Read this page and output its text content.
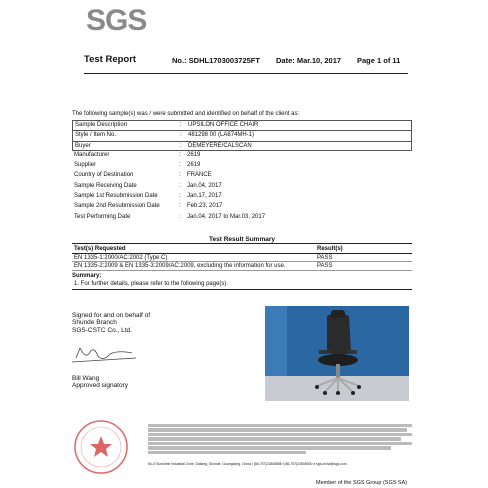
SGS
Test Report	No.: SDHL1703003725FT Date: Mar.10, 2017 Page 1 of 11
The following sample(s) was / were submitted and identified on behalf of the client as:
Sample Description	: UPSILON OFFICE CHAIR
Style / Item No.	: 481298 00 (LA874MH-1)
Buyer	: DEMEYERE/CALSCAN
Manufacturer	: 2619
Supplier	: 2619
Country of Destination	: FRANCE
Sample Receiving Date	: Jan.04, 2017
Sample 1st Resubmission Date	: Jan.17, 2017
Sample 2nd Resubmission Date	: Feb.23, 2017
Test Performing Date	: Jan.04, 2017 to Mar.03, 2017
Test Result Summary
Test(s) Requested	Result(s)
EN 1335-1:2000/AC:2002 (Type C)	PASS
EN 1335-2:2009 & EN 1335-3:2009/AC:2009, excluding the information for use.	PASS
Summary:
1. For further details, please refer to the following page(s).
Signed for and on behalf of
Shunde Branch
SGS-CSTC Co., Ltd.
Bill Wang
Approved signatory
No.3 Sunshine Industrial Zone, Daliang, Shunde, Guangdong, China t (86-757)22808888 f (86-757)22808000 e sgs.china@sgs.com
Member of the SGS Group (SGS SA)
